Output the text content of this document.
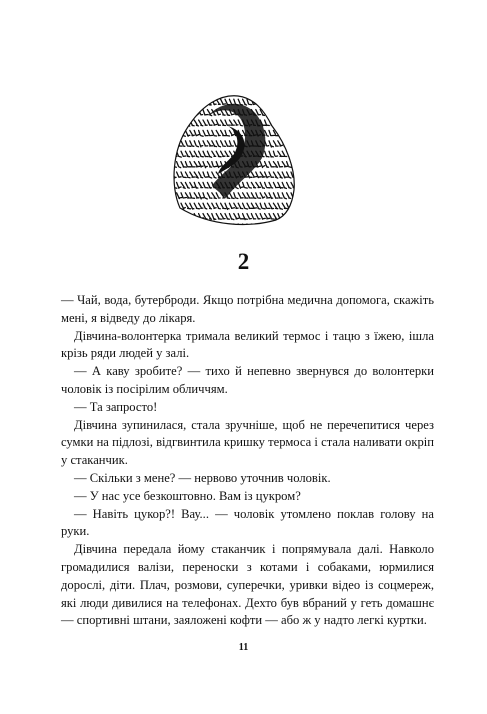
2

— Чай, вода, бутерброди. Якщо потрібна медична допомога, скажіть мені, я відведу до лікаря.

Дівчина-волонтерка тримала великий термос і тацю з їжею, ішла крізь ряди людей у залі.

— А каву зробите? — тихо й непевно звернувся до волонтерки чоловік із посірілим обличчям.

— Та запросто!

Дівчина зупинилася, стала зручніше, щоб не перечепитися через сумки на підлозі, відгвинтила кришку термоса і стала наливати окріп у стаканчик.

— Скільки з мене? — нервово уточнив чоловік.

— У нас усе безкоштовно. Вам із цукром?

— Навіть цукор?! Вау... — чоловік утомлено поклав голову на руки.

Дівчина передала йому стаканчик і попрямувала далі. Навколо громадилися валізи, переноски з котами і собаками, юрмилися дорослі, діти. Плач, розмови, суперечки, уривки відео із соцмереж, які люди дивилися на телефонах. Дехто був вбраний у геть домашнє — спортивні штани, заяложені кофти — або ж у надто легкі куртки.

11
